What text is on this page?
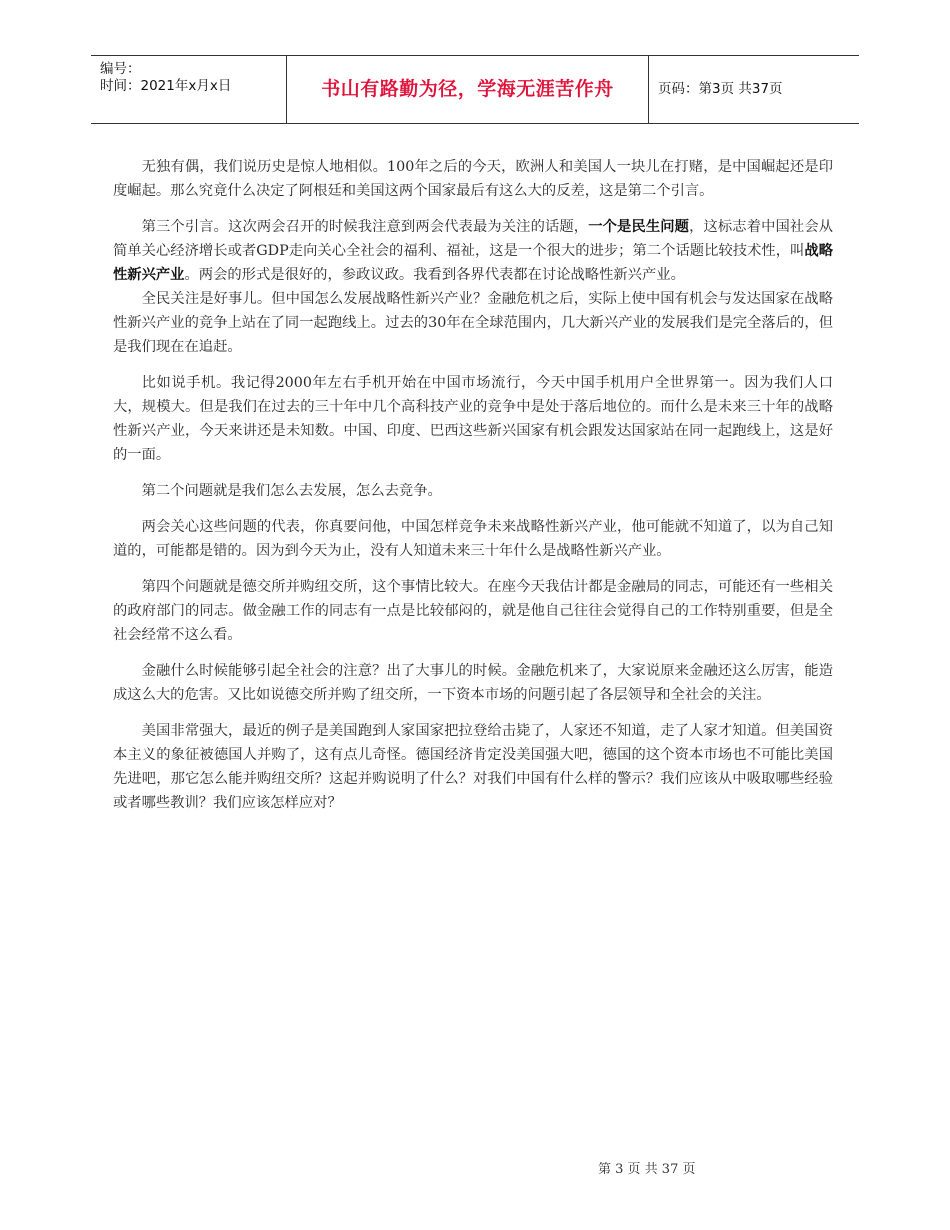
编号：
时间：2021年x月x日	书山有路勤为径，学海无涯苦作舟	页码：第3页 共37页

无独有偶，我们说历史是惊人地相似。100年之后的今天，欧洲人和美国人一块儿在打赌，是中国崛起还是印度崛起。那么究竟什么决定了阿根廷和美国这两个国家最后有这么大的反差，这是第二个引言。

第三个引言。这次两会召开的时候我注意到两会代表最为关注的话题，一个是民生问题，这标志着中国社会从简单关心经济增长或者GDP走向关心全社会的福利、福祉，这是一个很大的进步；第二个话题比较技术性，叫战略性新兴产业。两会的形式是很好的，参政议政。我看到各界代表都在讨论战略性新兴产业。

全民关注是好事儿。但中国怎么发展战略性新兴产业？金融危机之后，实际上使中国有机会与发达国家在战略性新兴产业的竞争上站在了同一起跑线上。过去的30年在全球范围内，几大新兴产业的发展我们是完全落后的，但是我们现在在追赶。

比如说手机。我记得2000年左右手机开始在中国市场流行，今天中国手机用户全世界第一。因为我们人口大，规模大。但是我们在过去的三十年中几个高科技产业的竞争中是处于落后地位的。而什么是未来三十年的战略性新兴产业，今天来讲还是未知数。中国、印度、巴西这些新兴国家有机会跟发达国家站在同一起跑线上，这是好的一面。

第二个问题就是我们怎么去发展，怎么去竞争。

两会关心这些问题的代表，你真要问他，中国怎样竞争未来战略性新兴产业，他可能就不知道了，以为自己知道的，可能都是错的。因为到今天为止，没有人知道未来三十年什么是战略性新兴产业。

第四个问题就是德交所并购纽交所，这个事情比较大。在座今天我估计都是金融局的同志，可能还有一些相关的政府部门的同志。做金融工作的同志有一点是比较郁闷的，就是他自己往往会觉得自己的工作特别重要，但是全社会经常不这么看。

金融什么时候能够引起全社会的注意？出了大事儿的时候。金融危机来了，大家说原来金融还这么厉害，能造成这么大的危害。又比如说德交所并购了纽交所，一下资本市场的问题引起了各层领导和全社会的关注。

美国非常强大，最近的例子是美国跑到人家国家把拉登给击毙了，人家还不知道，走了人家才知道。但美国资本主义的象征被德国人并购了，这有点儿奇怪。德国经济肯定没美国强大吧，德国的这个资本市场也不可能比美国先进吧，那它怎么能并购纽交所？这起并购说明了什么？对我们中国有什么样的警示？我们应该从中吸取哪些经验或者哪些教训？我们应该怎样应对？

第 3 页 共 37 页
